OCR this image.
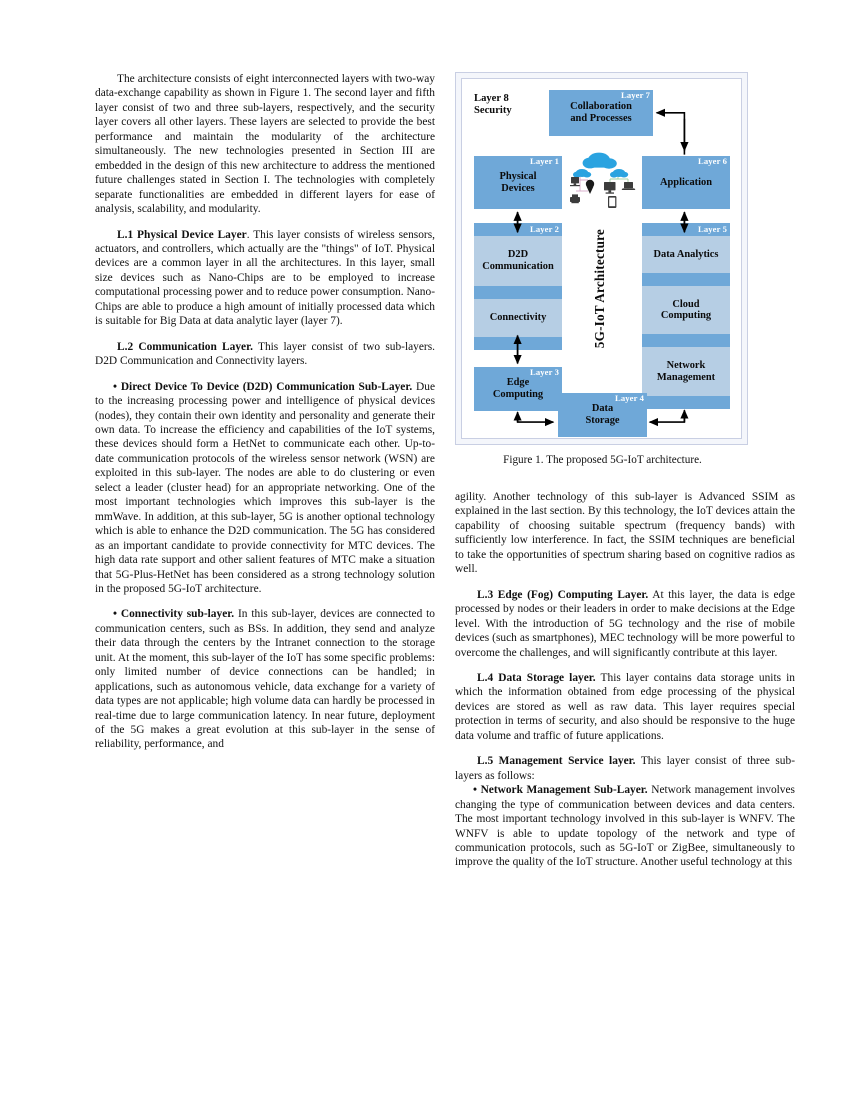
The architecture consists of eight interconnected layers with two-way data-exchange capability as shown in Figure 1. The second layer and fifth layer consist of two and three sub-layers, respectively, and the security layer covers all other layers. These layers are selected to provide the best performance and maintain the modularity of the architecture simultaneously. The new technologies presented in Section III are embedded in the design of this new architecture to address the mentioned future challenges stated in Section I. The technologies with completely separate functionalities are embedded in different layers for ease of analysis, scalability, and modularity.

L.1 Physical Device Layer. This layer consists of wireless sensors, actuators, and controllers, which actually are the "things" of IoT. Physical devices are a common layer in all the architectures. In this layer, small size devices such as Nano-Chips are to be employed to increase computational processing power and to reduce power consumption. Nano-Chips are able to produce a high amount of initially processed data which is suitable for Big Data at data analytic layer (layer 7).

L.2 Communication Layer. This layer consist of two sub-layers. D2D Communication and Connectivity layers.

• Direct Device To Device (D2D) Communication Sub-Layer. Due to the increasing processing power and intelligence of physical devices (nodes), they contain their own identity and personality and generate their own data. To increase the efficiency and capabilities of the IoT systems, these devices should form a HetNet to communicate each other. Up-to-date communication protocols of the wireless sensor network (WSN) are exploited in this sub-layer. The nodes are able to do clustering or even select a leader (cluster head) for an appropriate networking. One of the most important technologies which improves this sub-layer is the mmWave. In addition, at this sub-layer, 5G is another optional technology which is able to enhance the D2D communication. The 5G has considered as an important candidate to provide connectivity for MTC devices. The high data rate support and other salient features of MTC make a situation that 5G-Plus-HetNet has been considered as a strong technology solution in the proposed 5G-IoT architecture.

• Connectivity sub-layer. In this sub-layer, devices are connected to communication centers, such as BSs. In addition, they send and analyze their data through the centers by the Intranet connection to the storage unit. At the moment, this sub-layer of the IoT has some specific problems: only limited number of device connections can be handled; in applications, such as autonomous vehicle, data exchange for a variety of data types are not applicable; high volume data can hardly be processed in real-time due to large communication latency. In near future, deployment of the 5G makes a great evolution at this sub-layer in the sense of reliability, performance, and

Layer 8
Security	Collaboration
and Processes
Layer 7
Physical
Devices
Layer 1
Application
Layer 6
D2D
Communication
Connectivity
Layer 2
Data Analytics
Cloud
Computing
Network
Management
Layer 5
Edge
Computing
Layer 3
Data
Storage
Layer 4
5G-IoT Architecture
Figure 1. The proposed 5G-IoT architecture.

agility. Another technology of this sub-layer is Advanced SSIM as explained in the last section. By this technology, the IoT devices attain the capability of choosing suitable spectrum (frequency bands) with sufficiently low interference. In fact, the SSIM techniques are beneficial to take the opportunities of spectrum sharing based on cognitive radios as well.

L.3 Edge (Fog) Computing Layer. At this layer, the data is edge processed by nodes or their leaders in order to make decisions at the Edge level. With the introduction of 5G technology and the rise of mobile devices (such as smartphones), MEC technology will be more powerful to overcome the challenges, and will significantly contribute at this layer.

L.4 Data Storage layer. This layer contains data storage units in which the information obtained from edge processing of the physical devices are stored as well as raw data. This layer requires special protection in terms of security, and also should be responsive to the huge data volume and traffic of future applications.

L.5 Management Service layer. This layer consist of three sub-layers as follows:

• Network Management Sub-Layer. Network management involves changing the type of communication between devices and data centers. The most important technology involved in this sub-layer is WNFV. The WNFV is able to update topology of the network and type of communication protocols, such as 5G-IoT or ZigBee, simultaneously to improve the quality of the IoT structure. Another useful technology at this
